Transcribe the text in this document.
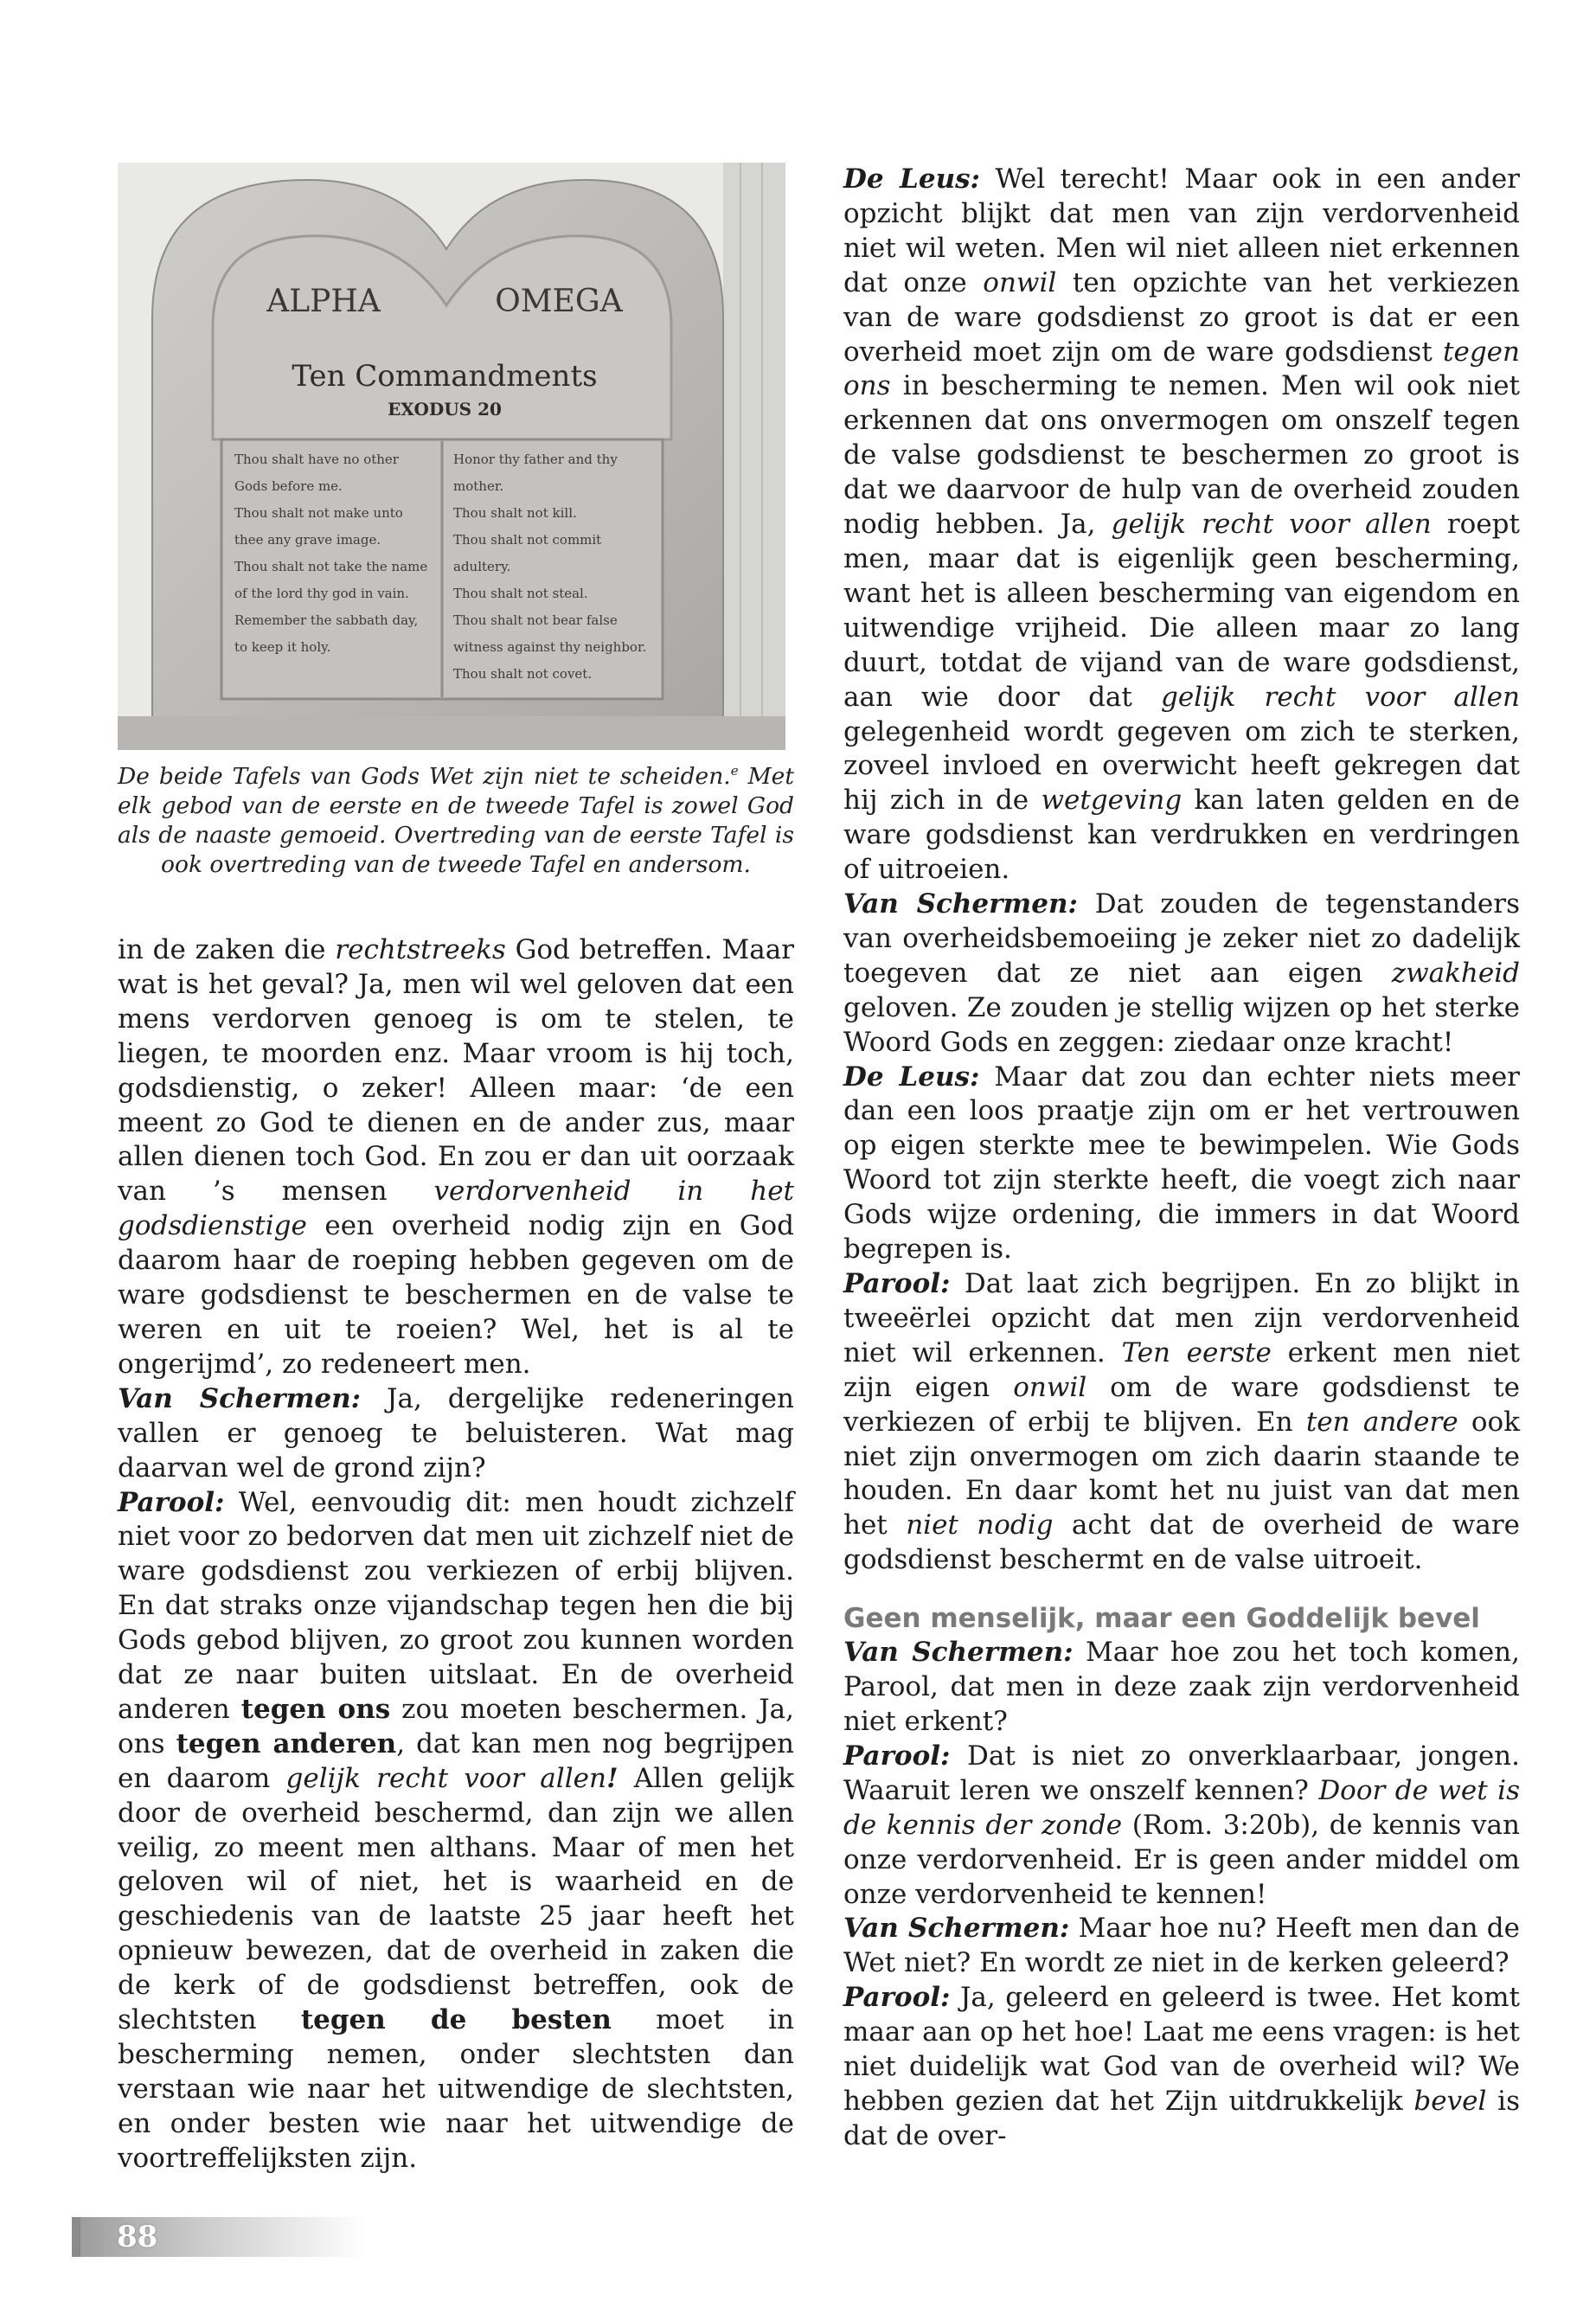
ALPHA	OMEGA
Ten Commandments
EXODUS 20
Thou shalt have no other
Gods before me.
Thou shalt not make unto
thee any grave image.
Thou shalt not take the name
of the lord thy god in vain.
Remember the sabbath day,
to keep it holy.
Honor thy father and thy
mother.
Thou shalt not kill.
Thou shalt not commit
adultery.
Thou shalt not steal.
Thou shalt not bear false
witness against thy neighbor.
Thou shalt not covet.
De beide Tafels van Gods Wet zijn niet te scheiden.$^e$ Met elk gebod van de eerste en de tweede Tafel is zowel God als de naaste gemoeid. Overtreding van de eerste Tafel is ook overtreding van de tweede Tafel en andersom.

in de zaken die rechtstreeks God betreffen. Maar wat is het geval? Ja, men wil wel geloven dat een mens verdorven genoeg is om te stelen, te liegen, te moorden enz. Maar vroom is hij toch, godsdienstig, o zeker! Alleen maar: ‘de een meent zo God te dienen en de ander zus, maar allen dienen toch God. En zou er dan uit oorzaak van ’s mensen verdorvenheid in het godsdienstige een overheid nodig zijn en God daarom haar de roeping hebben gegeven om de ware godsdienst te beschermen en de valse te weren en uit te roeien? Wel, het is al te ongerijmd’, zo redeneert men.

Van Schermen: Ja, dergelijke redeneringen vallen er genoeg te beluisteren. Wat mag daarvan wel de grond zijn?

Parool: Wel, eenvoudig dit: men houdt zichzelf niet voor zo bedorven dat men uit zichzelf niet de ware godsdienst zou verkiezen of erbij blijven. En dat straks onze vijandschap tegen hen die bij Gods gebod blijven, zo groot zou kunnen worden dat ze naar buiten uitslaat. En de overheid anderen tegen ons zou moeten beschermen. Ja, ons tegen anderen, dat kan men nog begrijpen en daarom gelijk recht voor allen! Allen gelijk door de overheid beschermd, dan zijn we allen veilig, zo meent men althans. Maar of men het geloven wil of niet, het is waarheid en de geschiedenis van de laatste 25 jaar heeft het opnieuw bewezen, dat de overheid in zaken die de kerk of de godsdienst betreffen, ook de slechtsten tegen de besten moet in bescherming nemen, onder slechtsten dan verstaan wie naar het uitwendige de slechtsten, en onder besten wie naar het uitwendige de voortreffelijksten zijn.

De Leus: Wel terecht! Maar ook in een ander opzicht blijkt dat men van zijn verdorvenheid niet wil weten. Men wil niet alleen niet erkennen dat onze onwil ten opzichte van het verkiezen van de ware godsdienst zo groot is dat er een overheid moet zijn om de ware godsdienst tegen ons in bescherming te nemen. Men wil ook niet erkennen dat ons onvermogen om onszelf tegen de valse godsdienst te beschermen zo groot is dat we daarvoor de hulp van de overheid zouden nodig hebben. Ja, gelijk recht voor allen roept men, maar dat is eigenlijk geen bescherming, want het is alleen bescherming van eigendom en uitwendige vrijheid. Die alleen maar zo lang duurt, totdat de vijand van de ware godsdienst, aan wie door dat gelijk recht voor allen gelegenheid wordt gegeven om zich te sterken, zoveel invloed en overwicht heeft gekregen dat hij zich in de wetgeving kan laten gelden en de ware godsdienst kan verdrukken en verdringen of uitroeien.

Van Schermen: Dat zouden de tegenstanders van overheidsbemoeiing je zeker niet zo dadelijk toegeven dat ze niet aan eigen zwakheid geloven. Ze zouden je stellig wijzen op het sterke Woord Gods en zeggen: ziedaar onze kracht!

De Leus: Maar dat zou dan echter niets meer dan een loos praatje zijn om er het vertrouwen op eigen sterkte mee te bewimpelen. Wie Gods Woord tot zijn sterkte heeft, die voegt zich naar Gods wijze ordening, die immers in dat Woord begrepen is.

Parool: Dat laat zich begrijpen. En zo blijkt in tweeërlei opzicht dat men zijn verdorvenheid niet wil erkennen. Ten eerste erkent men niet zijn eigen onwil om de ware godsdienst te verkiezen of erbij te blijven. En ten andere ook niet zijn onvermogen om zich daarin staande te houden. En daar komt het nu juist van dat men het niet nodig acht dat de overheid de ware godsdienst beschermt en de valse uitroeit.

Geen menselijk, maar een Goddelijk bevel

Van Schermen: Maar hoe zou het toch komen, Parool, dat men in deze zaak zijn verdorvenheid niet erkent?

Parool: Dat is niet zo onverklaarbaar, jongen. Waaruit leren we onszelf kennen? Door de wet is de kennis der zonde (Rom. 3:20b), de kennis van onze verdorvenheid. Er is geen ander middel om onze verdorvenheid te kennen!

Van Schermen: Maar hoe nu? Heeft men dan de Wet niet? En wordt ze niet in de kerken geleerd?

Parool: Ja, geleerd en geleerd is twee. Het komt maar aan op het hoe! Laat me eens vragen: is het niet duidelijk wat God van de overheid wil? We hebben gezien dat het Zijn uitdrukkelijk bevel is dat de over-

88
